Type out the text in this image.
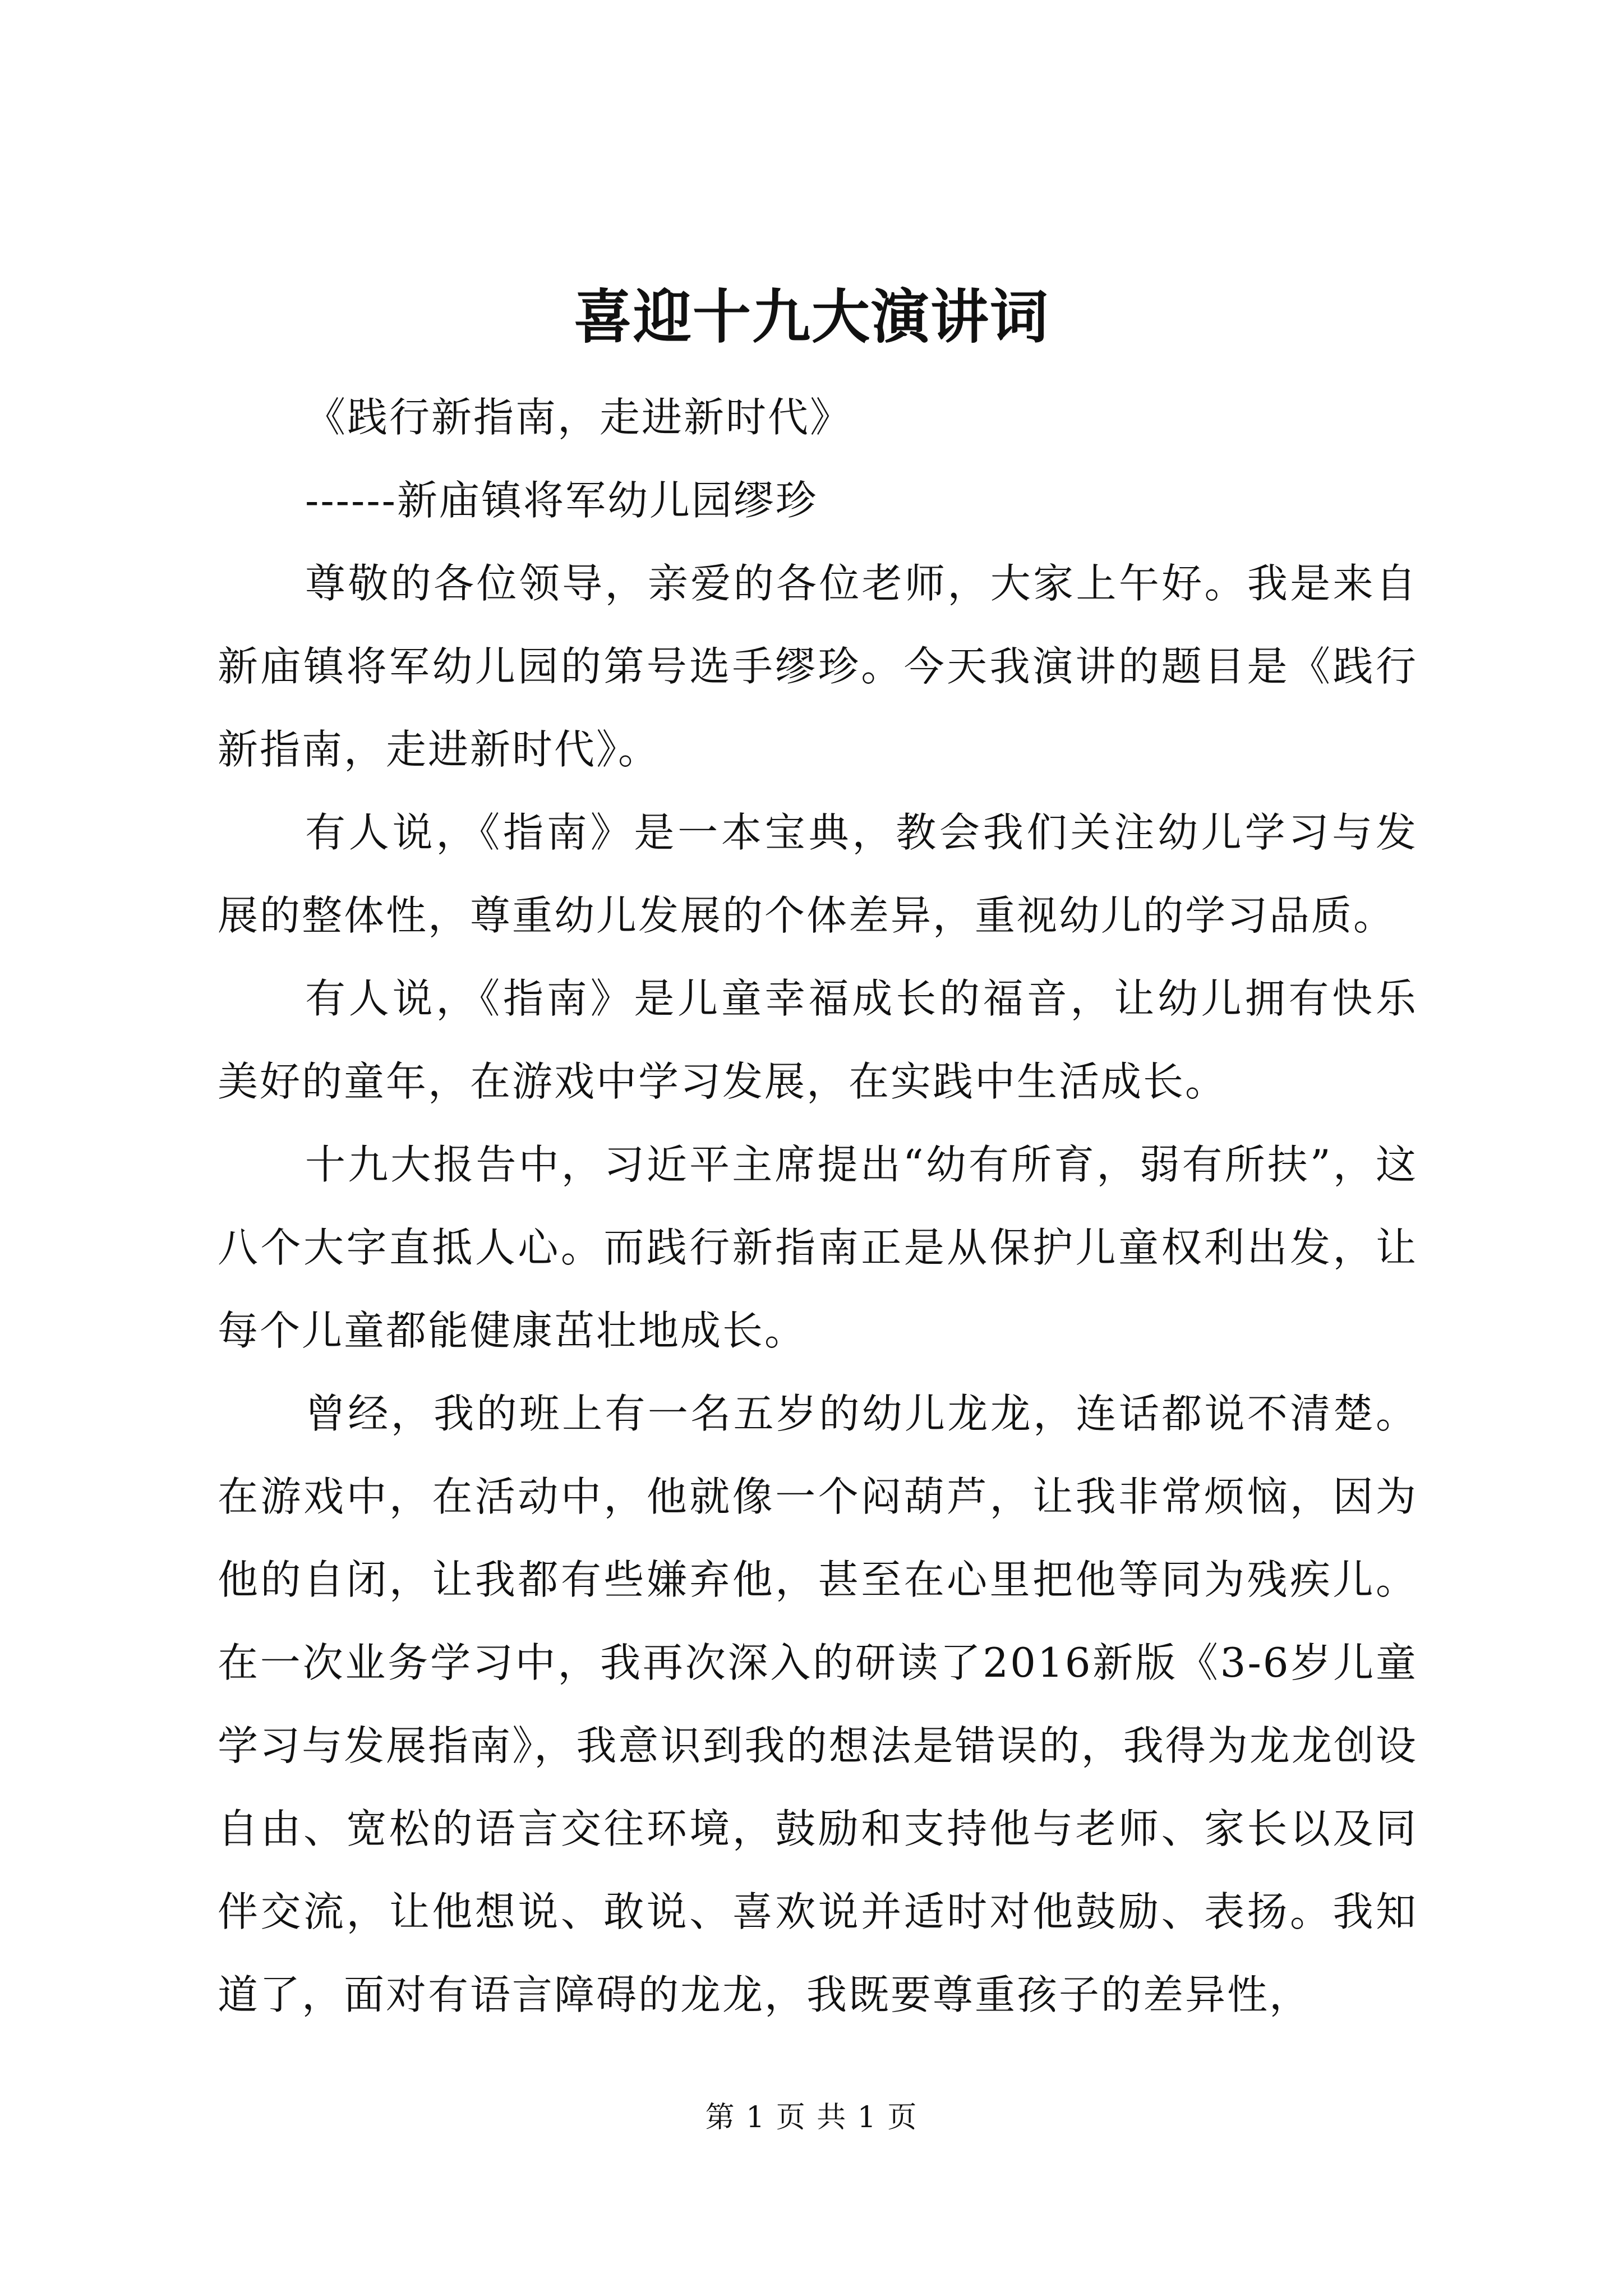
喜迎十九大演讲词

《践行新指南，走进新时代》

------新庙镇将军幼儿园缪珍

尊敬的各位领导，亲爱的各位老师，大家上午好。我是来自新庙镇将军幼儿园的第号选手缪珍。今天我演讲的题目是《践行新指南，走进新时代》。

有人说，《指南》是一本宝典，教会我们关注幼儿学习与发展的整体性，尊重幼儿发展的个体差异，重视幼儿的学习品质。

有人说，《指南》是儿童幸福成长的福音，让幼儿拥有快乐美好的童年，在游戏中学习发展，在实践中生活成长。

十九大报告中，习近平主席提出“幼有所育，弱有所扶”，这八个大字直抵人心。而践行新指南正是从保护儿童权利出发，让每个儿童都能健康茁壮地成长。

曾经，我的班上有一名五岁的幼儿龙龙，连话都说不清楚。在游戏中，在活动中，他就像一个闷葫芦，让我非常烦恼，因为他的自闭，让我都有些嫌弃他，甚至在心里把他等同为残疾儿。在一次业务学习中，我再次深入的研读了2016新版《3-6岁儿童学习与发展指南》，我意识到我的想法是错误的，我得为龙龙创设自由、宽松的语言交往环境，鼓励和支持他与老师、家长以及同伴交流，让他想说、敢说、喜欢说并适时对他鼓励、表扬。我知道了，面对有语言障碍的龙龙，我既要尊重孩子的差异性，

第 1 页 共 1 页
